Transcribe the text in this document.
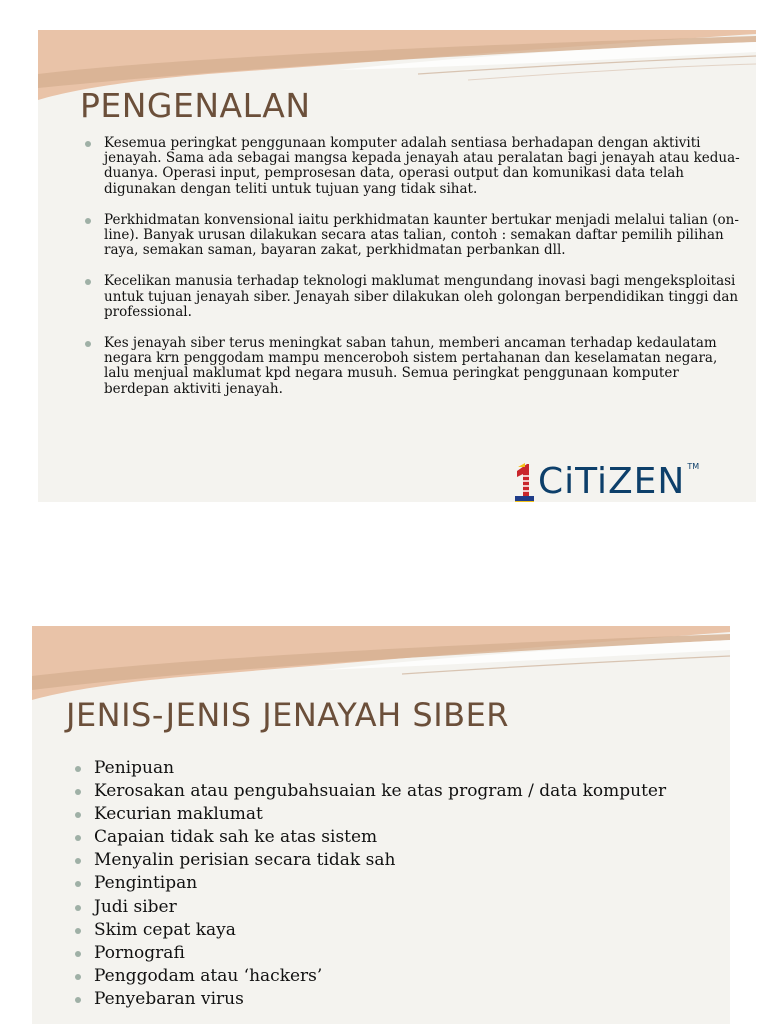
PENGENALAN
Kesemua peringkat penggunaan komputer adalah sentiasa berhadapan dengan aktiviti jenayah. Sama ada sebagai mangsa kepada jenayah atau peralatan bagi jenayah atau kedua-duanya. Operasi input, pemprosesan data, operasi output dan komunikasi data telah digunakan dengan teliti untuk tujuan yang tidak sihat.
Perkhidmatan konvensional iaitu perkhidmatan kaunter bertukar menjadi melalui talian (on-line). Banyak urusan dilakukan secara atas talian, contoh : semakan daftar pemilih pilihan raya, semakan saman, bayaran zakat, perkhidmatan perbankan dll.
Kecelikan manusia terhadap teknologi maklumat mengundang inovasi bagi mengeksploitasi untuk tujuan jenayah siber. Jenayah siber dilakukan oleh golongan berpendidikan tinggi dan professional.
Kes jenayah siber terus meningkat saban tahun, memberi ancaman terhadap kedaulatam negara krn penggodam mampu menceroboh sistem pertahanan dan keselamatan negara, lalu menjual maklumat kpd negara musuh. Semua peringkat penggunaan komputer berdepan aktiviti jenayah.
CiTiZEN TM
JENIS-JENIS JENAYAH SIBER
Penipuan
Kerosakan atau pengubahsuaian ke atas program / data komputer
Kecurian maklumat
Capaian tidak sah ke atas sistem
Menyalin perisian secara tidak sah
Pengintipan
Judi siber
Skim cepat kaya
Pornografi
Penggodam atau ‘hackers’
Penyebaran virus
